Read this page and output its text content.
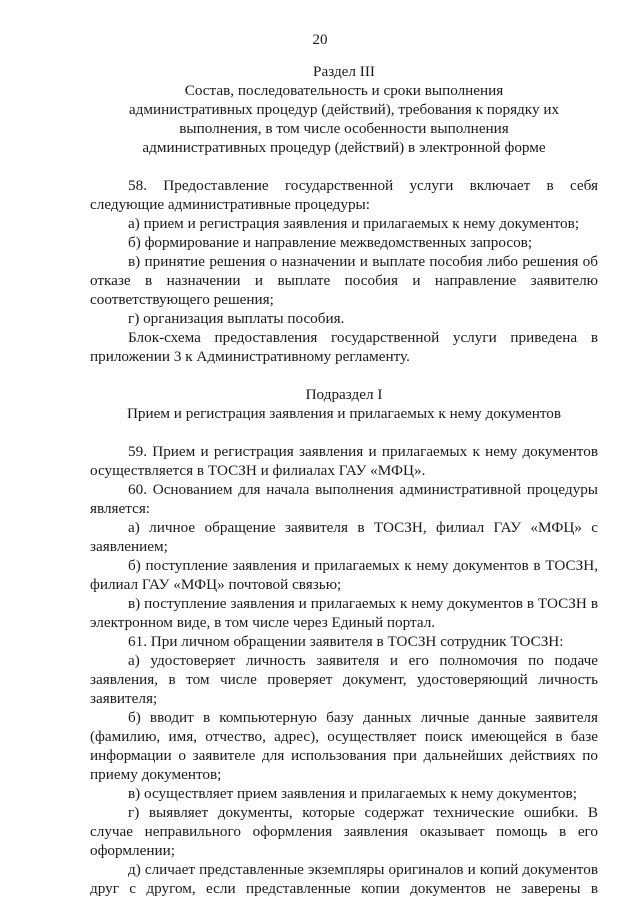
20
Раздел III
Состав, последовательность и сроки выполнения
административных процедур (действий), требования к порядку их
выполнения, в том числе особенности выполнения
административных процедур (действий) в электронной форме

58. Предоставление государственной услуги включает в себя следующие административные процедуры:

а) прием и регистрация заявления и прилагаемых к нему документов;

б) формирование и направление межведомственных запросов;

в) принятие решения о назначении и выплате пособия либо решения об отказе в назначении и выплате пособия и направление заявителю соответствующего решения;

г) организация выплаты пособия.

Блок-схема предоставления государственной услуги приведена в приложении 3 к Административному регламенту.

Подраздел I
Прием и регистрация заявления и прилагаемых к нему документов

59. Прием и регистрация заявления и прилагаемых к нему документов осуществляется в ТОСЗН и филиалах ГАУ «МФЦ».

60. Основанием для начала выполнения административной процедуры является:

а) личное обращение заявителя в ТОСЗН, филиал ГАУ «МФЦ» с заявлением;

б) поступление заявления и прилагаемых к нему документов в ТОСЗН, филиал ГАУ «МФЦ» почтовой связью;

в) поступление заявления и прилагаемых к нему документов в ТОСЗН в электронном виде, в том числе через Единый портал.

61. При личном обращении заявителя в ТОСЗН сотрудник ТОСЗН:

а) удостоверяет личность заявителя и его полномочия по подаче заявления, в том числе проверяет документ, удостоверяющий личность заявителя;

б) вводит в компьютерную базу данных личные данные заявителя (фамилию, имя, отчество, адрес), осуществляет поиск имеющейся в базе информации о заявителе для использования при дальнейших действиях по приему документов;

в) осуществляет прием заявления и прилагаемых к нему документов;

г) выявляет документы, которые содержат технические ошибки. В случае неправильного оформления заявления оказывает помощь в его оформлении;

д) сличает представленные экземпляры оригиналов и копий документов друг с другом, если представленные копии документов не заверены в
